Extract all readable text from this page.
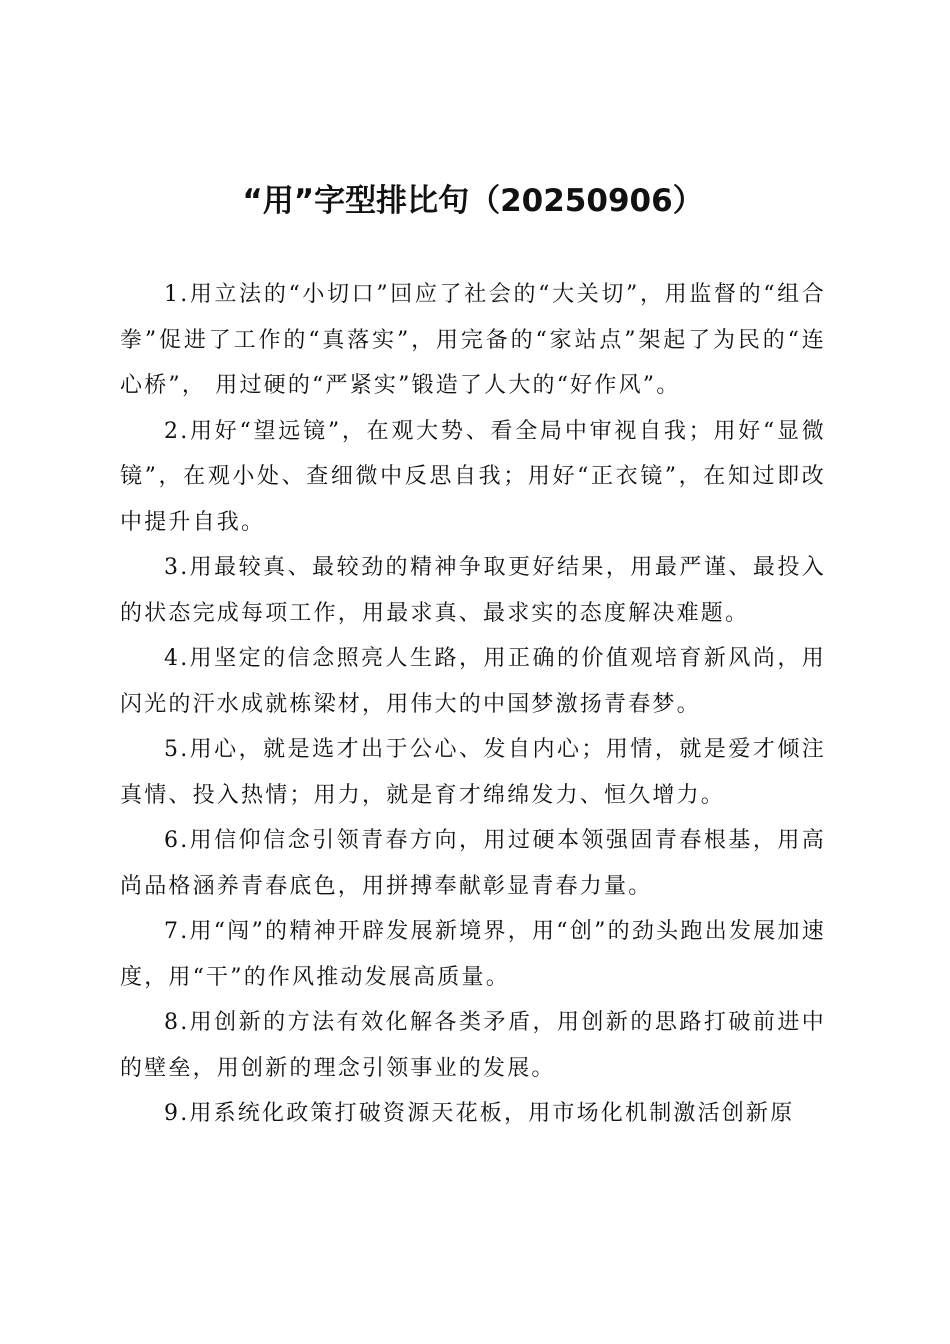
“用”字型排比句（20250906）

1.用立法的“小切口”回应了社会的“大关切”，用监督的“组合拳”促进了工作的“真落实”，用完备的“家站点”架起了为民的“连心桥”， 用过硬的“严紧实”锻造了人大的“好作风”。

2.用好“望远镜”，在观大势、看全局中审视自我；用好“显微镜”，在观小处、查细微中反思自我；用好“正衣镜”，在知过即改中提升自我。

3.用最较真、最较劲的精神争取更好结果，用最严谨、最投入的状态完成每项工作，用最求真、最求实的态度解决难题。

4.用坚定的信念照亮人生路，用正确的价值观培育新风尚，用闪光的汗水成就栋梁材，用伟大的中国梦激扬青春梦。

5.用心，就是选才出于公心、发自内心；用情，就是爱才倾注真情、投入热情；用力，就是育才绵绵发力、恒久增力。

6.用信仰信念引领青春方向，用过硬本领强固青春根基，用高尚品格涵养青春底色，用拼搏奉献彰显青春力量。

7.用“闯”的精神开辟发展新境界，用“创”的劲头跑出发展加速度，用“干”的作风推动发展高质量。

8.用创新的方法有效化解各类矛盾，用创新的思路打破前进中的壁垒，用创新的理念引领事业的发展。

9.用系统化政策打破资源天花板，用市场化机制激活创新原
